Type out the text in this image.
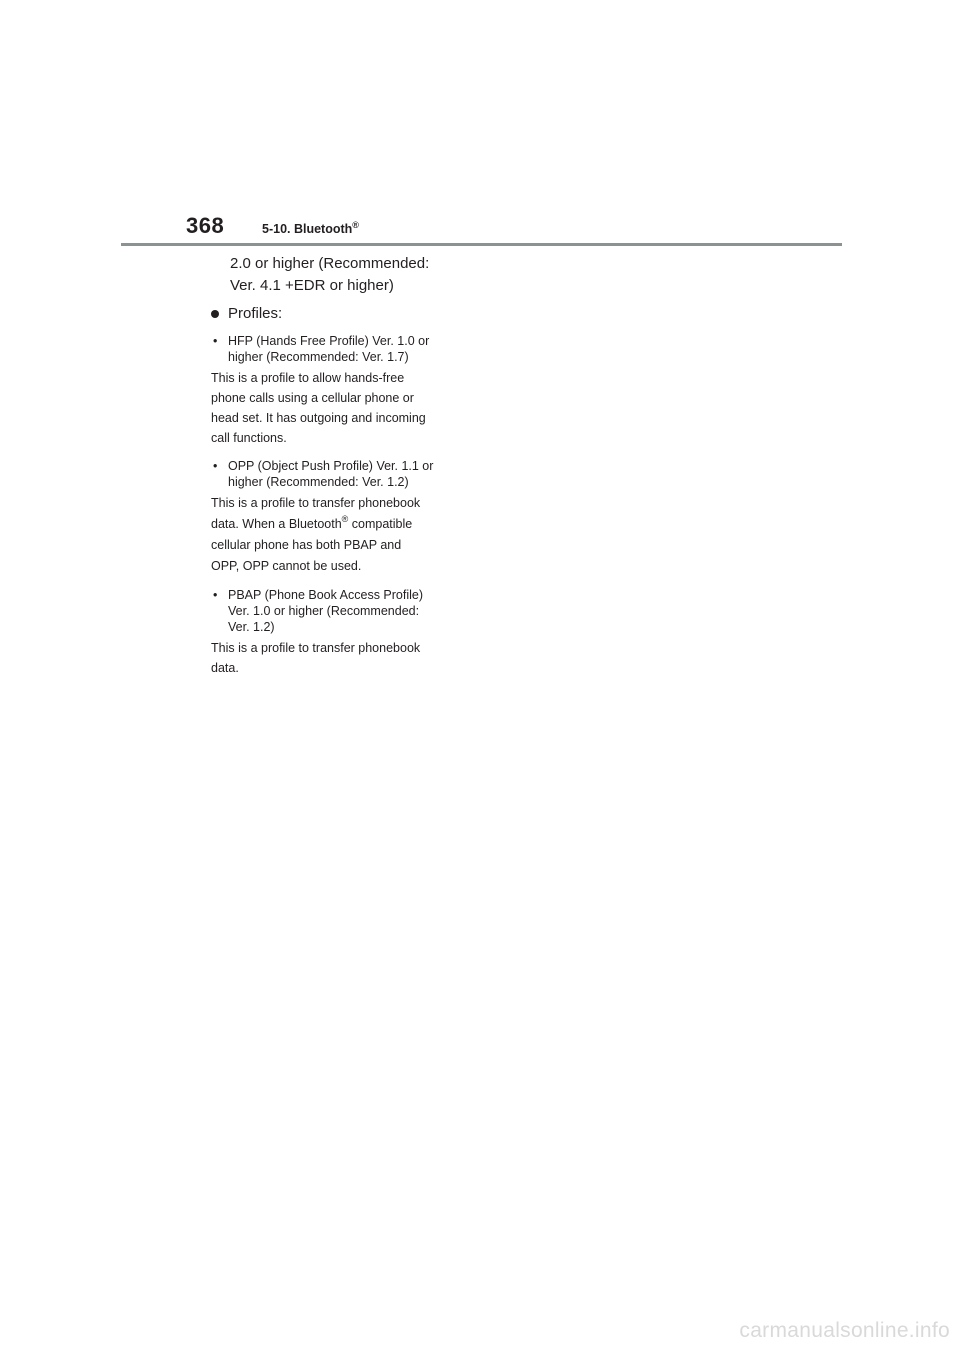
368	5-10. Bluetooth®
2.0 or higher (Recommended:
Ver. 4.1 +EDR or higher)
Profiles:
• HFP (Hands Free Profile) Ver. 1.0 or
higher (Recommended: Ver. 1.7)
This is a profile to allow hands-free
phone calls using a cellular phone or
head set. It has outgoing and incoming
call functions.
• OPP (Object Push Profile) Ver. 1.1 or
higher (Recommended: Ver. 1.2)
This is a profile to transfer phonebook
data. When a Bluetooth® compatible
cellular phone has both PBAP and
OPP, OPP cannot be used.
• PBAP (Phone Book Access Profile)
Ver. 1.0 or higher (Recommended:
Ver. 1.2)
This is a profile to transfer phonebook
data.
carmanualsonline.info
